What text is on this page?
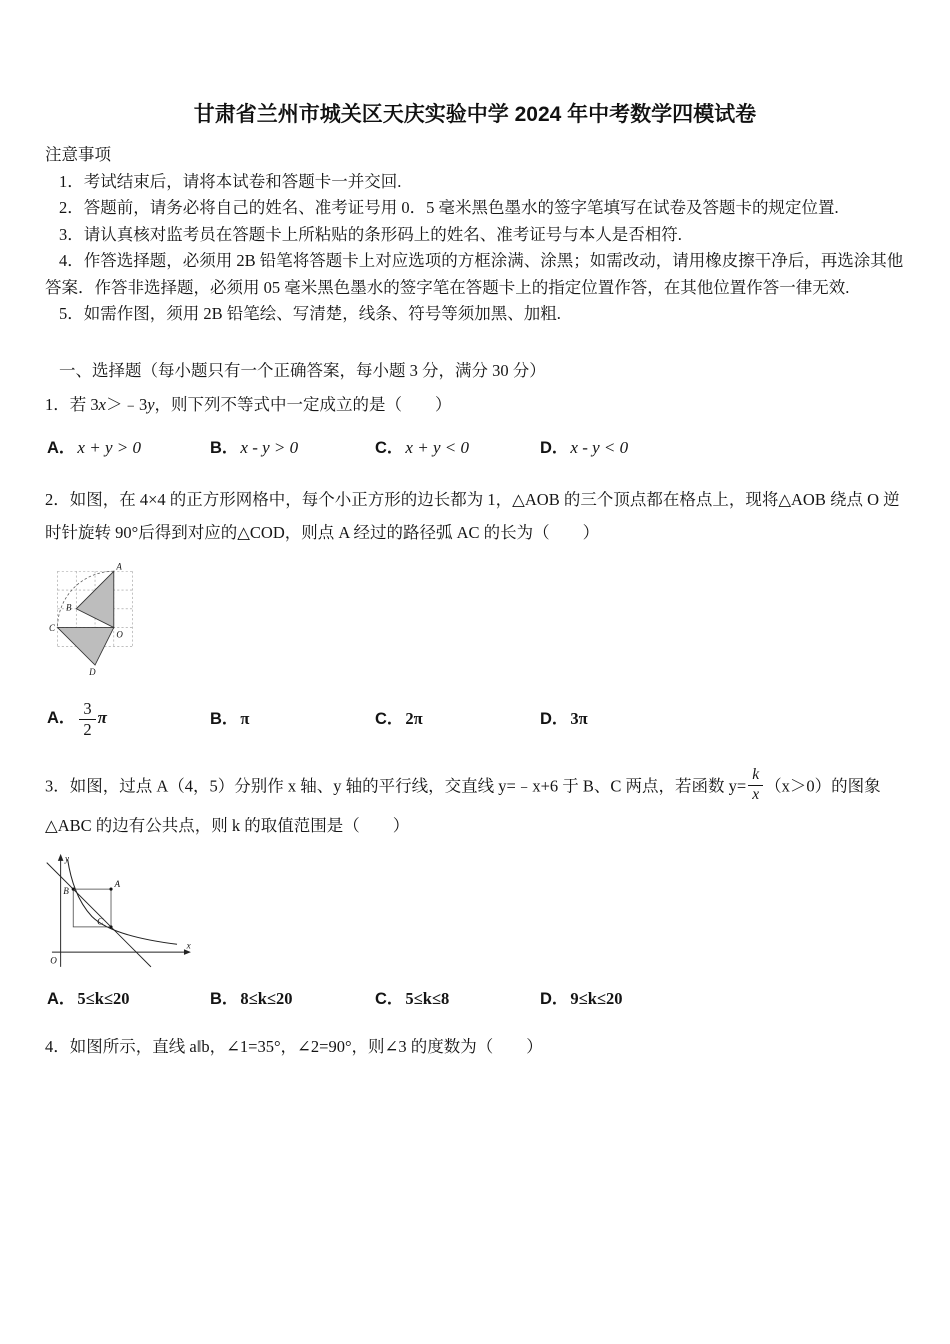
甘肃省兰州市城关区天庆实验中学 2024 年中考数学四模试卷

注意事项

1．考试结束后，请将本试卷和答题卡一并交回.

2．答题前，请务必将自己的姓名、准考证号用 0．5 毫米黑色墨水的签字笔填写在试卷及答题卡的规定位置.

3．请认真核对监考员在答题卡上所粘贴的条形码上的姓名、准考证号与本人是否相符.

4．作答选择题，必须用 2B 铅笔将答题卡上对应选项的方框涂满、涂黑；如需改动，请用橡皮擦干净后，再选涂其他答案．作答非选择题，必须用 05 毫米黑色墨水的签字笔在答题卡上的指定位置作答，在其他位置作答一律无效.

5．如需作图，须用 2B 铅笔绘、写清楚，线条、符号等须加黑、加粗.

一、选择题（每小题只有一个正确答案，每小题 3 分，满分 30 分）

1．若 3x＞﹣3y，则下列不等式中一定成立的是（　　）

A． x + y > 0	B． x - y > 0	C． x + y < 0	D． x - y < 0

2．如图，在 4×4 的正方形网格中，每个小正方形的边长都为 1，△AOB 的三个顶点都在格点上，现将△AOB 绕点 O 逆时针旋转 90°后得到对应的△COD，则点 A 经过的路径弧 AC 的长为（　　）

A
B
C
O
D
A． $\frac{3}{2}$ π	B． π	C． 2π	D． 3π

3．如图，过点 A（4，5）分别作 x 轴、y 轴的平行线，交直线 y=﹣x+6 于 B、C 两点，若函数 $y= \frac{k}{x} (x>0)$的图象

△ABC 的边有公共点，则 k 的取值范围是（　　）

y
x
O
A
B
C
A． 5≤k≤20	B． 8≤k≤20	C． 5≤k≤8	D． 9≤k≤20

4．如图所示，直线 a‖b，∠1=35°，∠2=90°，则∠3 的度数为（　　）
